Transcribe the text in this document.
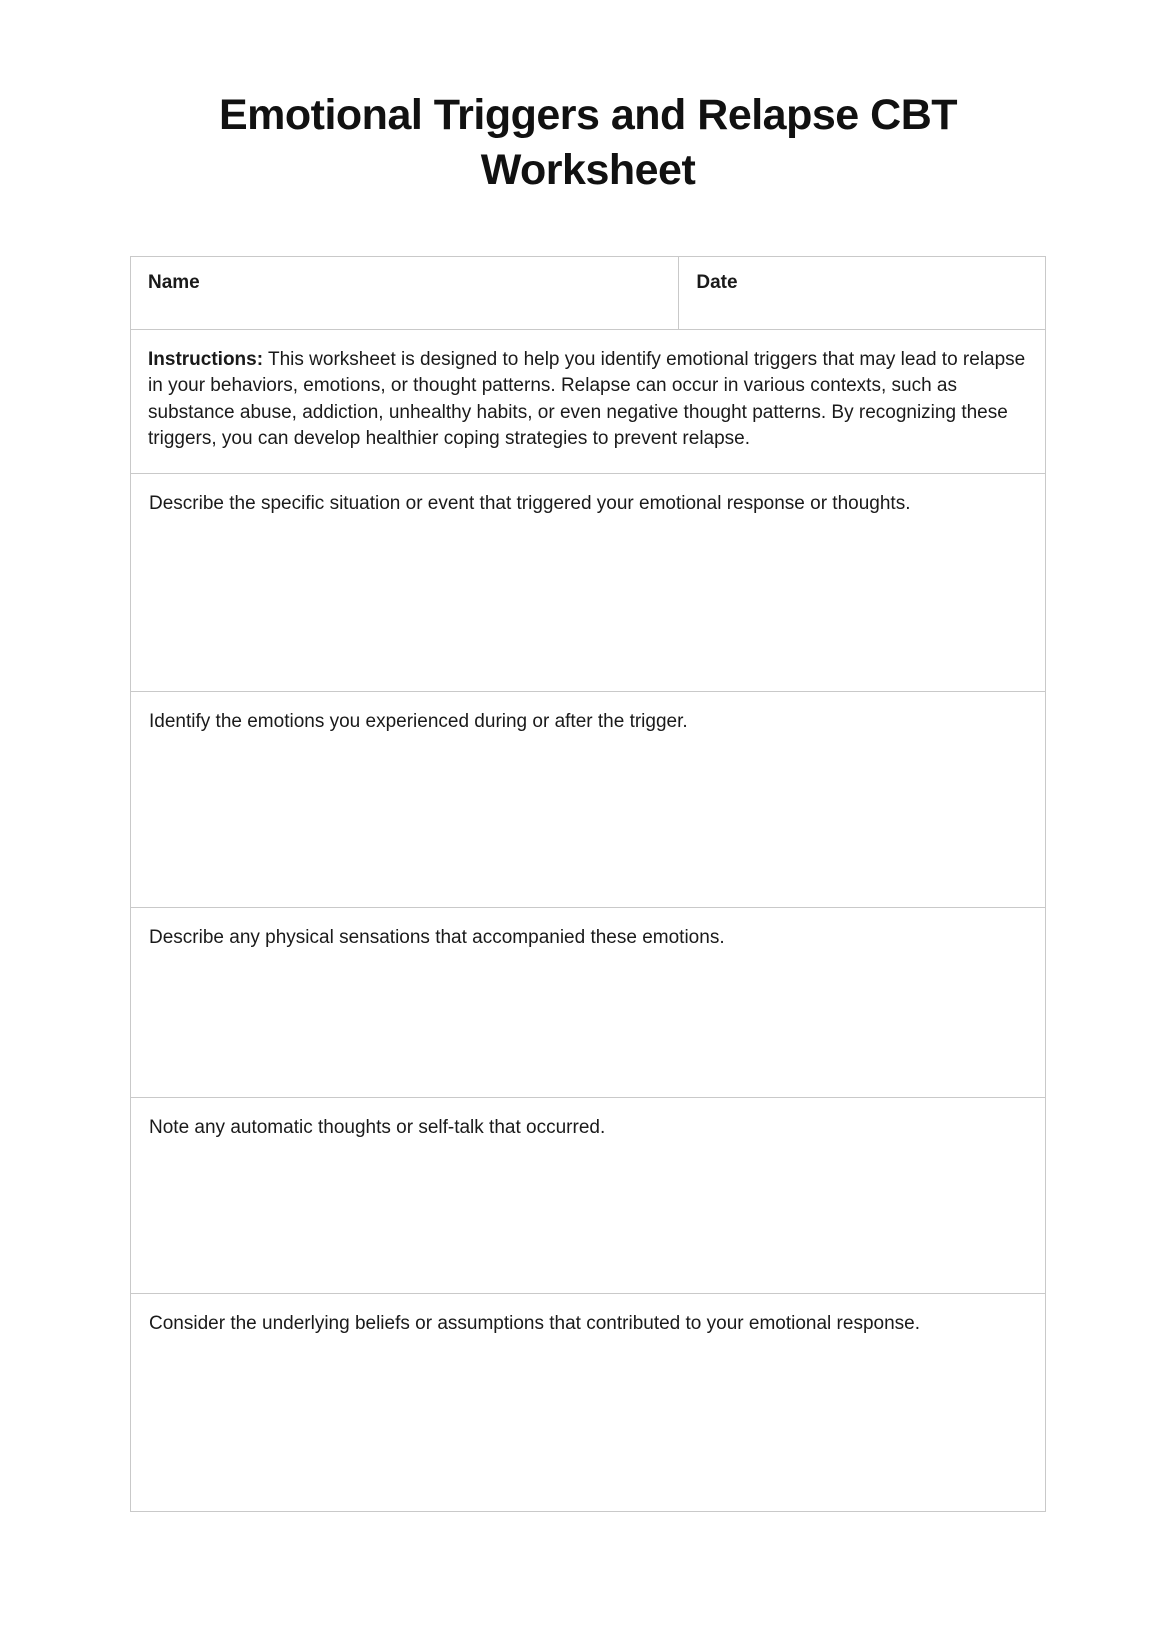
Emotional Triggers and Relapse CBT Worksheet
Name	Date
Instructions: This worksheet is designed to help you identify emotional triggers that may lead to relapse in your behaviors, emotions, or thought patterns. Relapse can occur in various contexts, such as substance abuse, addiction, unhealthy habits, or even negative thought patterns. By recognizing these triggers, you can develop healthier coping strategies to prevent relapse.
Describe the specific situation or event that triggered your emotional response or thoughts.
Identify the emotions you experienced during or after the trigger.
Describe any physical sensations that accompanied these emotions.
Note any automatic thoughts or self-talk that occurred.
Consider the underlying beliefs or assumptions that contributed to your emotional response.
